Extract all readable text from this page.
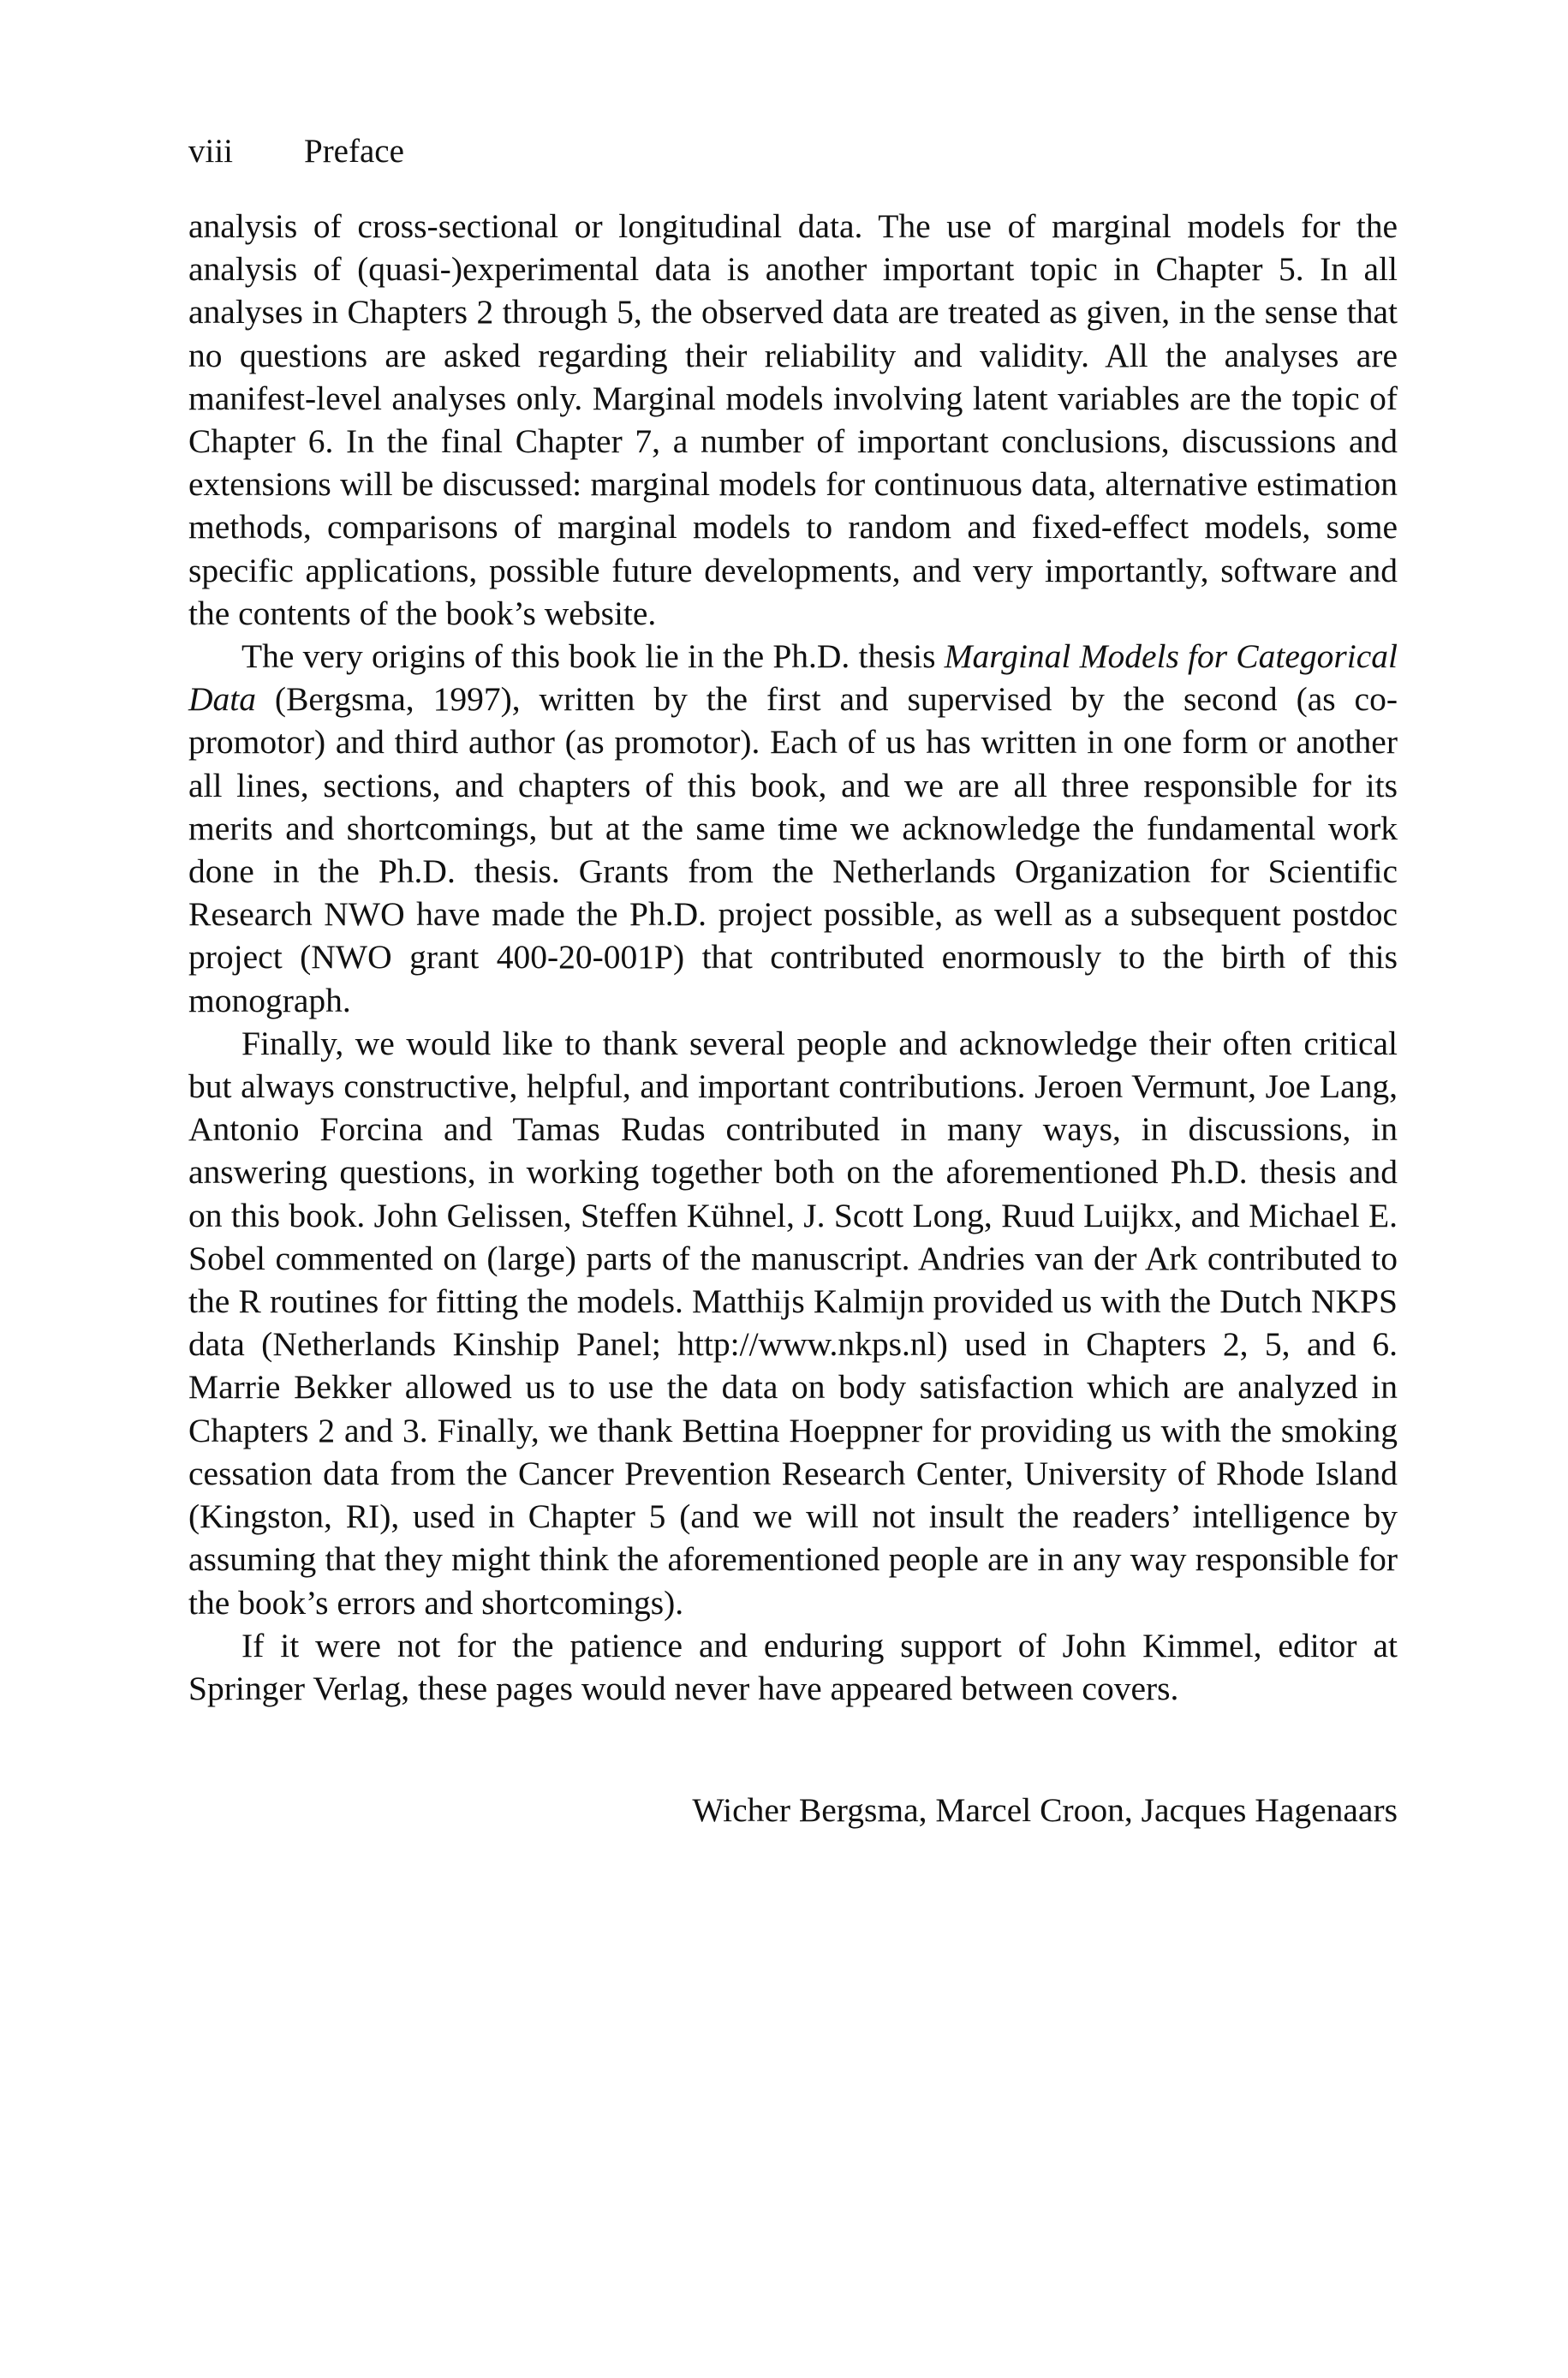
viii Preface

analysis of cross-sectional or longitudinal data. The use of marginal models for the analysis of (quasi-)experimental data is another important topic in Chapter 5. In all analyses in Chapters 2 through 5, the observed data are treated as given, in the sense that no questions are asked regarding their reliability and validity. All the analyses are manifest-level analyses only. Marginal models involving latent variables are the topic of Chapter 6. In the final Chapter 7, a number of important conclusions, discussions and extensions will be discussed: marginal models for continuous data, alternative estimation methods, comparisons of marginal models to random and fixed-effect models, some specific applications, possible future developments, and very importantly, software and the contents of the book’s website.

The very origins of this book lie in the Ph.D. thesis Marginal Models for Categorical Data (Bergsma, 1997), written by the first and supervised by the second (as co-promotor) and third author (as promotor). Each of us has written in one form or another all lines, sections, and chapters of this book, and we are all three responsible for its merits and shortcomings, but at the same time we acknowledge the fundamental work done in the Ph.D. thesis. Grants from the Netherlands Organization for Scientific Research NWO have made the Ph.D. project possible, as well as a subsequent postdoc project (NWO grant 400-20-001P) that contributed enormously to the birth of this monograph.

Finally, we would like to thank several people and acknowledge their often critical but always constructive, helpful, and important contributions. Jeroen Vermunt, Joe Lang, Antonio Forcina and Tamas Rudas contributed in many ways, in discussions, in answering questions, in working together both on the aforementioned Ph.D. thesis and on this book. John Gelissen, Steffen Kühnel, J. Scott Long, Ruud Luijkx, and Michael E. Sobel commented on (large) parts of the manuscript. Andries van der Ark contributed to the R routines for fitting the models. Matthijs Kalmijn provided us with the Dutch NKPS data (Netherlands Kinship Panel; http://www.nkps.nl) used in Chapters 2, 5, and 6. Marrie Bekker allowed us to use the data on body satisfaction which are analyzed in Chapters 2 and 3. Finally, we thank Bettina Hoeppner for providing us with the smoking cessation data from the Cancer Prevention Research Center, University of Rhode Island (Kingston, RI), used in Chapter 5 (and we will not insult the readers’ intelligence by assuming that they might think the aforementioned people are in any way responsible for the book’s errors and shortcomings).

If it were not for the patience and enduring support of John Kimmel, editor at Springer Verlag, these pages would never have appeared between covers.

Wicher Bergsma, Marcel Croon, Jacques Hagenaars
